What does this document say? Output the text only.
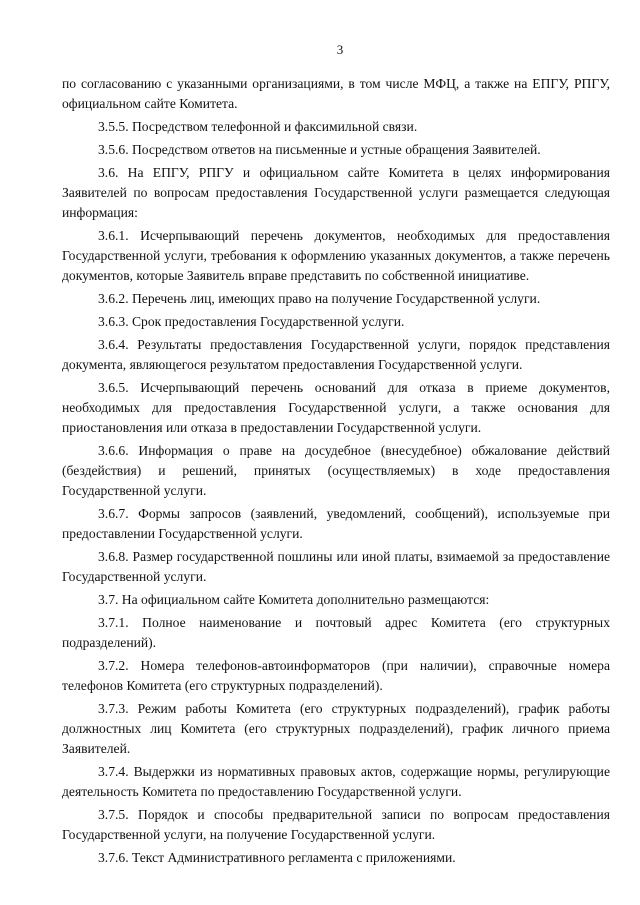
3

по согласованию с указанными организациями, в том числе МФЦ, а также на ЕПГУ, РПГУ, официальном сайте Комитета.

3.5.5. Посредством телефонной и факсимильной связи.

3.5.6. Посредством ответов на письменные и устные обращения Заявителей.

3.6. На ЕПГУ, РПГУ и официальном сайте Комитета в целях информирования Заявителей по вопросам предоставления Государственной услуги размещается следующая информация:

3.6.1. Исчерпывающий перечень документов, необходимых для предоставления Государственной услуги, требования к оформлению указанных документов, а также перечень документов, которые Заявитель вправе представить по собственной инициативе.

3.6.2. Перечень лиц, имеющих право на получение Государственной услуги.

3.6.3. Срок предоставления Государственной услуги.

3.6.4. Результаты предоставления Государственной услуги, порядок представления документа, являющегося результатом предоставления Государственной услуги.

3.6.5. Исчерпывающий перечень оснований для отказа в приеме документов, необходимых для предоставления Государственной услуги, а также основания для приостановления или отказа в предоставлении Государственной услуги.

3.6.6. Информация о праве на досудебное (внесудебное) обжалование действий (бездействия) и решений, принятых (осуществляемых) в ходе предоставления Государственной услуги.

3.6.7. Формы запросов (заявлений, уведомлений, сообщений), используемые при предоставлении Государственной услуги.

3.6.8. Размер государственной пошлины или иной платы, взимаемой за предоставление Государственной услуги.

3.7. На официальном сайте Комитета дополнительно размещаются:

3.7.1. Полное наименование и почтовый адрес Комитета (его структурных подразделений).

3.7.2. Номера телефонов-автоинформаторов (при наличии), справочные номера телефонов Комитета (его структурных подразделений).

3.7.3. Режим работы Комитета (его структурных подразделений), график работы должностных лиц Комитета (его структурных подразделений), график личного приема Заявителей.

3.7.4. Выдержки из нормативных правовых актов, содержащие нормы, регулирующие деятельность Комитета по предоставлению Государственной услуги.

3.7.5. Порядок и способы предварительной записи по вопросам предоставления Государственной услуги, на получение Государственной услуги.

3.7.6. Текст Административного регламента с приложениями.
